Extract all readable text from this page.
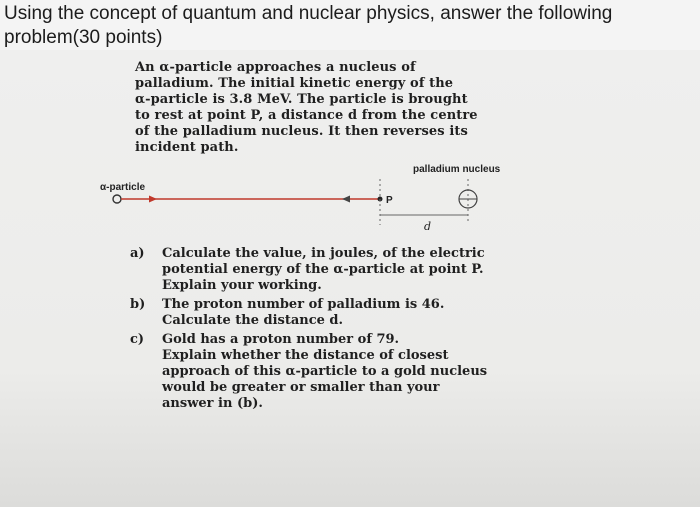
Using the concept of quantum and nuclear physics, answer the following
problem(30 points)
An α-particle approaches a nucleus of
palladium. The initial kinetic energy of the
α-particle is 3.8 MeV. The particle is brought
to rest at point P, a distance d from the centre
of the palladium nucleus. It then reverses its
incident path.
palladium nucleus
α-particle
P
d
a)	Calculate the value, in joules, of the electric
potential energy of the α-particle at point P.
Explain your working.
b)	The proton number of palladium is 46.
Calculate the distance d.
c)	Gold has a proton number of 79.
Explain whether the distance of closest
approach of this α-particle to a gold nucleus
would be greater or smaller than your
answer in (b).
